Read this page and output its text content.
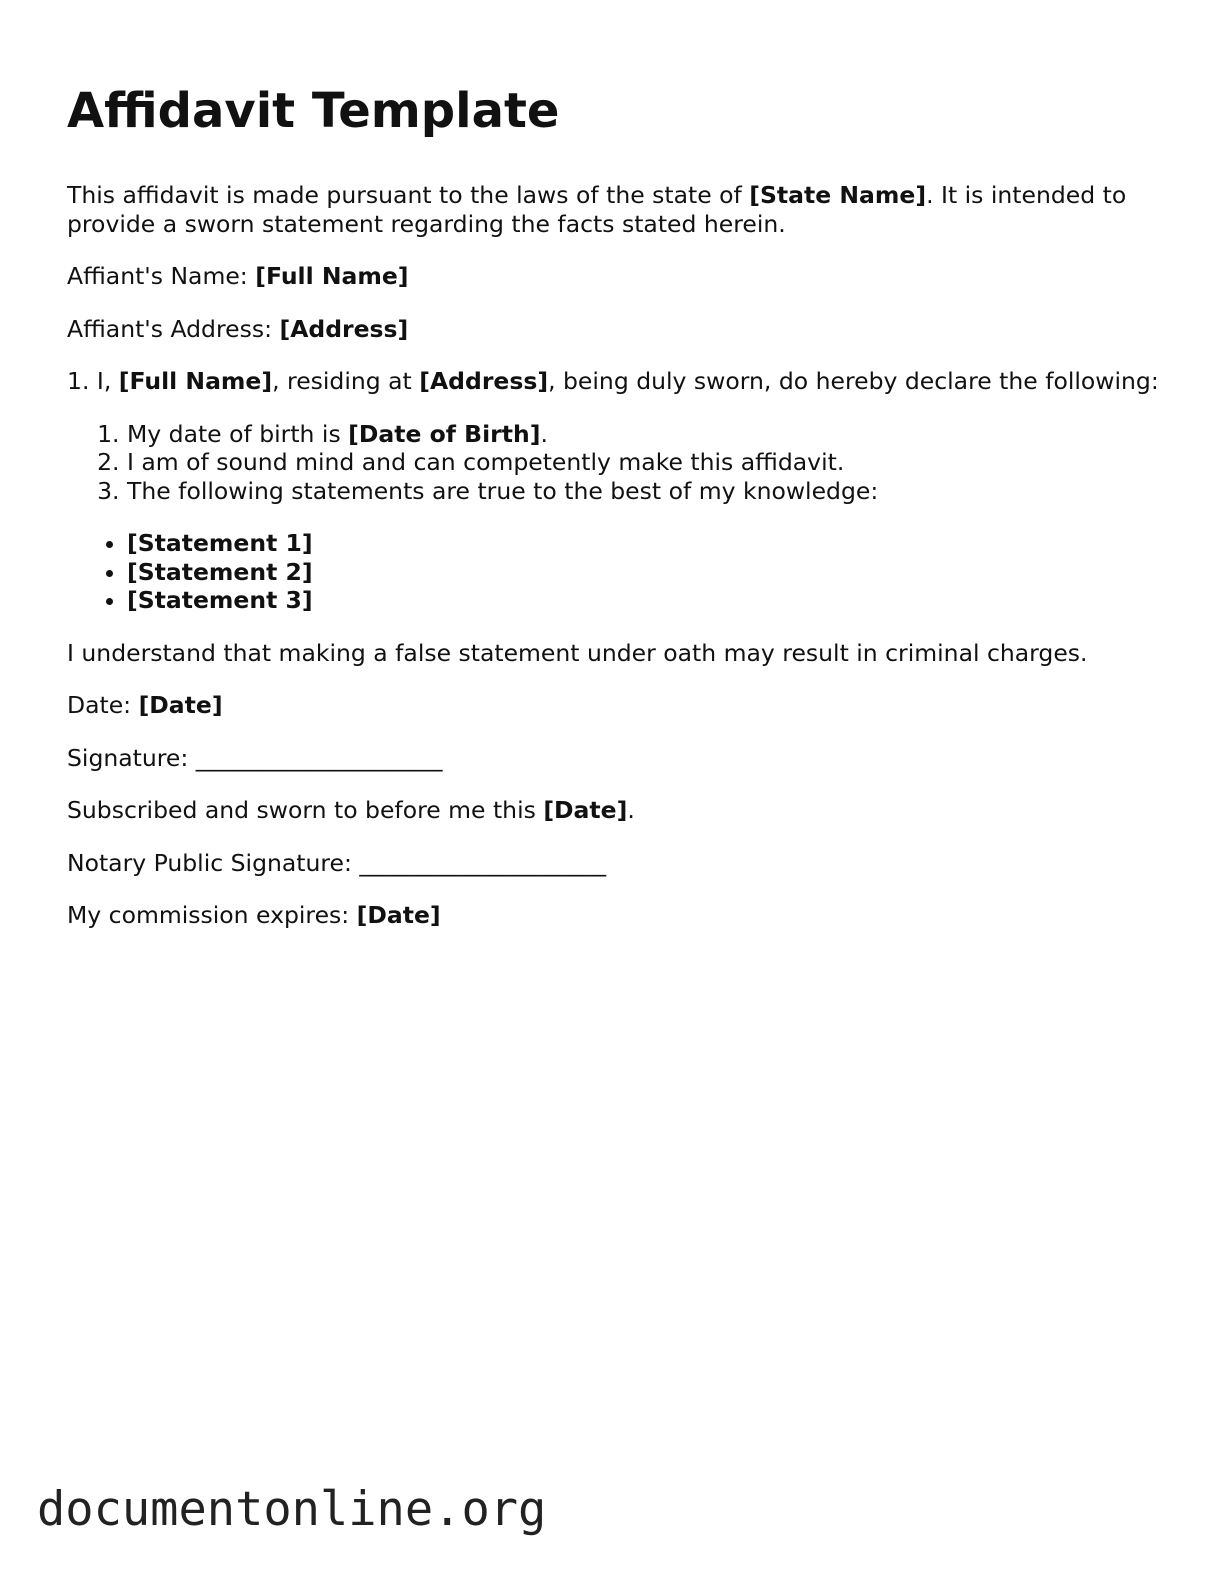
Affidavit Template

This affidavit is made pursuant to the laws of the state of [State Name]. It is intended to provide a sworn statement regarding the facts stated herein.

Affiant's Name: [Full Name]

Affiant's Address: [Address]

1. I, [Full Name], residing at [Address], being duly sworn, do hereby declare the following:

1. My date of birth is [Date of Birth].
2. I am of sound mind and can competently make this affidavit.
3. The following statements are true to the best of my knowledge:
• [Statement 1]
• [Statement 2]
• [Statement 3]

I understand that making a false statement under oath may result in criminal charges.

Date: [Date]

Signature: _____________________

Subscribed and sworn to before me this [Date].

Notary Public Signature: _____________________

My commission expires: [Date]

documentonline.org
